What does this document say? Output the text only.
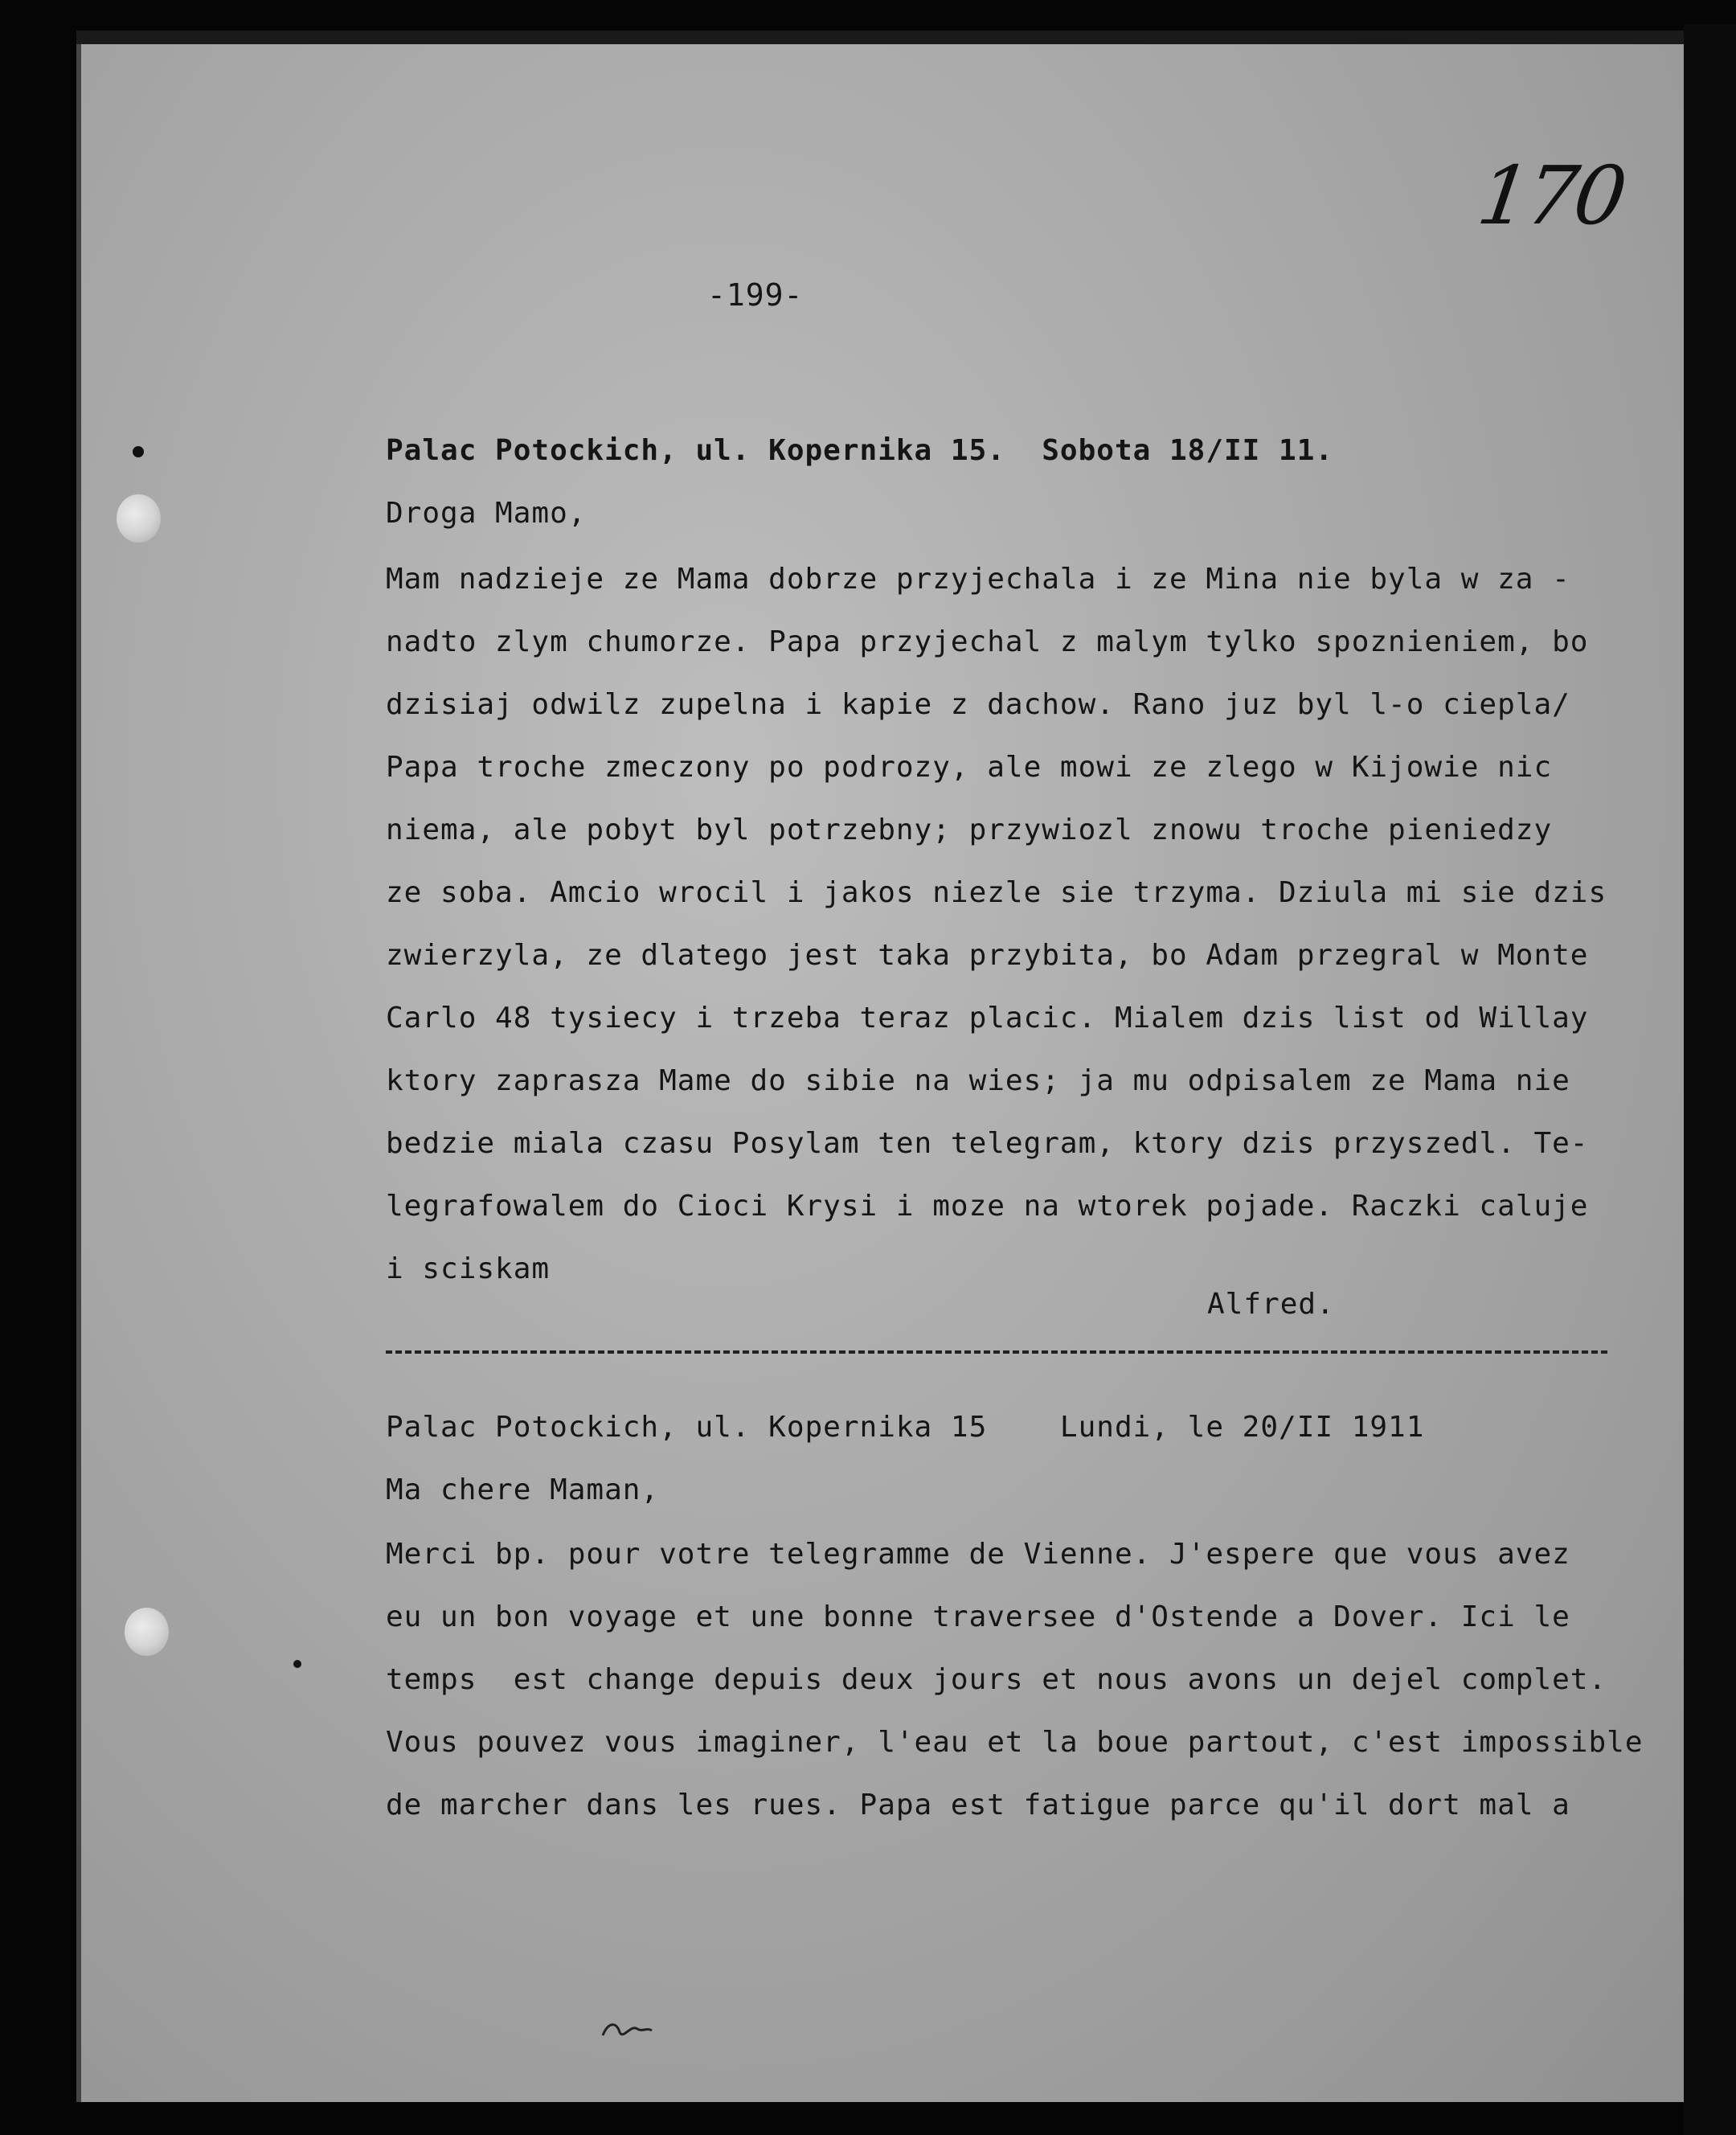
170
-199-
Palac Potockich, ul. Kopernika 15.  Sobota 18/II 11.
Droga Mamo,
Mam nadzieje ze Mama dobrze przyjechala i ze Mina nie byla w za -
nadto zlym chumorze. Papa przyjechal z malym tylko spoznieniem, bo
dzisiaj odwilz zupelna i kapie z dachow. Rano juz byl l-o ciepla/
Papa troche zmeczony po podrozy, ale mowi ze zlego w Kijowie nic
niema, ale pobyt byl potrzebny; przywiozl znowu troche pieniedzy
ze soba. Amcio wrocil i jakos niezle sie trzyma. Dziula mi sie dzis
zwierzyla, ze dlatego jest taka przybita, bo Adam przegral w Monte
Carlo 48 tysiecy i trzeba teraz placic. Mialem dzis list od Willay
ktory zaprasza Mame do sibie na wies; ja mu odpisalem ze Mama nie
bedzie miala czasu Posylam ten telegram, ktory dzis przyszedl. Te-
legrafowalem do Cioci Krysi i moze na wtorek pojade. Raczki caluje
i sciskam
Alfred.
Palac Potockich, ul. Kopernika 15    Lundi, le 20/II 1911
Ma chere Maman,
Merci bp. pour votre telegramme de Vienne. J'espere que vous avez
eu un bon voyage et une bonne traversee d'Ostende a Dover. Ici le
temps  est change depuis deux jours et nous avons un dejel complet.
Vous pouvez vous imaginer, l'eau et la boue partout, c'est impossible
de marcher dans les rues. Papa est fatigue parce qu'il dort mal a
